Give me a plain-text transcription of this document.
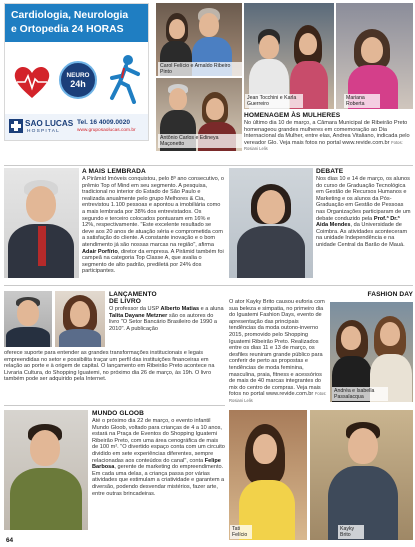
Cardiologia, Neurologia
e Ortopedia 24 HORAS
NEURO
24h
SAO LUCAS
HOSPITAL
Tel. 16 4009.0020
www.gruposaolucas.com.br
Carol Felício e Arnaldo Ribeiro Pinto
Jean Tocchini e Karla Guerreiro
Mariana Roberta
Antônio Carlos e Edineya Maçonetto
HOMENAGEM ÀS MULHERES
No último dia 10 de março, a Câmara Municipal de Ribeirão Preto homenageou grandes mulheres em comemoração ao Dia Internacional da Mulher, entre elas, Andrea Vitaliano, indicada pelo vereador Glo. Veja mais fotos no portal www.revide.com.br Fotos: Rosiani Lelis
A MAIS LEMBRADA
A Pirâmid Imóveis conquistou, pelo 8º ano consecutivo, o prêmio Top of Mind em seu segmento. A pesquisa, tradicional no interior do Estado de São Paulo e realizada anualmente pelo grupo Melhores & Cia, entrevistou 1.100 pessoas e apontou a imobiliária como a mais lembrada por 38% dos entrevistados. Os segundo e terceiro colocados pontuaram em 16% e 12%, respectivamente. "Este excelente resultado se deve aos 20 anos de atuação séria e comprometida com a satisfação do cliente. A constante inovação e o bom atendimento já são nossas marcas na região", afirma Adair Porfírio, diretor da empresa. A Pirâmid também foi campeã na categoria Top Classe A, que avalia o segmento de alto padrão, prediletá por 24% dos participantes.
DEBATE
Nos dias 10 e 14 de março, os alunos do curso de Graduação Tecnológica em Gestão de Recursos Humanos e Marketing e os alunos da Pós-Graduação em Gestão de Pessoas nas Organizações participaram de um debate conduzido pela Prof.ª Dr.ª Aida Mendes, da Universidade de Coimbra. As atividades aconteceram na unidade Independência e na unidade Central da Barão de Mauá.
LANÇAMENTO
DE LIVRO
O professor da USP Alberto Matias e a aluna Talita Dayane Metzner são os autores do livro "O Setor Bancário Brasileiro de 1990 a 2010". A publicação
oferece suporte para entender as grandes transformações institucionais e legais empreendidas no setor e possibilita traçar um perfil das instituições financeiras em relação ao porte e à origem de capital. O lançamento em Ribeirão Preto acontece na Livraria Cultura, do Shopping Iguatemi, no próximo dia 26 de março, às 19h. O livro também pode ser adquirido pela Internet.
FASHION DAY
O ator Kayky Brito causou euforia com sua beleza e simpatia, no primeiro dia do Iguatemi Fashion Days, evento de apresentação das principais tendências da moda outono-inverno 2015, promovido pelo Shopping Iguatemi Ribeirão Preto. Realizados entre os dias 11 e 13 de março, os desfiles reuniram grande público para conferir de perto as propostas e tendências de moda feminina, masculina, praia, fitness e acessórios de mais de 40 marcas integrantes do mix do centro de compras. Veja mais fotos no portal www.revide.com.br Fotos: Rosiani Lelis
Andréa e Isabella Passalacqua
MUNDO GLOOB
Até o próximo dia 22 de março, o evento infantil Mundo Gloob, voltado para crianças de 4 a 10 anos, estará na Praça de Eventos do Shopping Iguatemi Ribeirão Preto, com uma área cenográfica de mais de 100 m². "O divertido espaço conta com um circuito dividido em sete experiências diferentes, sempre relacionadas aos conteúdos do canal", conta Felipe Barbosa, gerente de marketing do empreendimento. Em cada uma delas, a criança passa por várias atividades que estimulam a criatividade e garantem a diversão, podendo desvendar mistérios, fazer arte, entre outras brincadeiras.
Tati Felício
Kayky Brito
64
